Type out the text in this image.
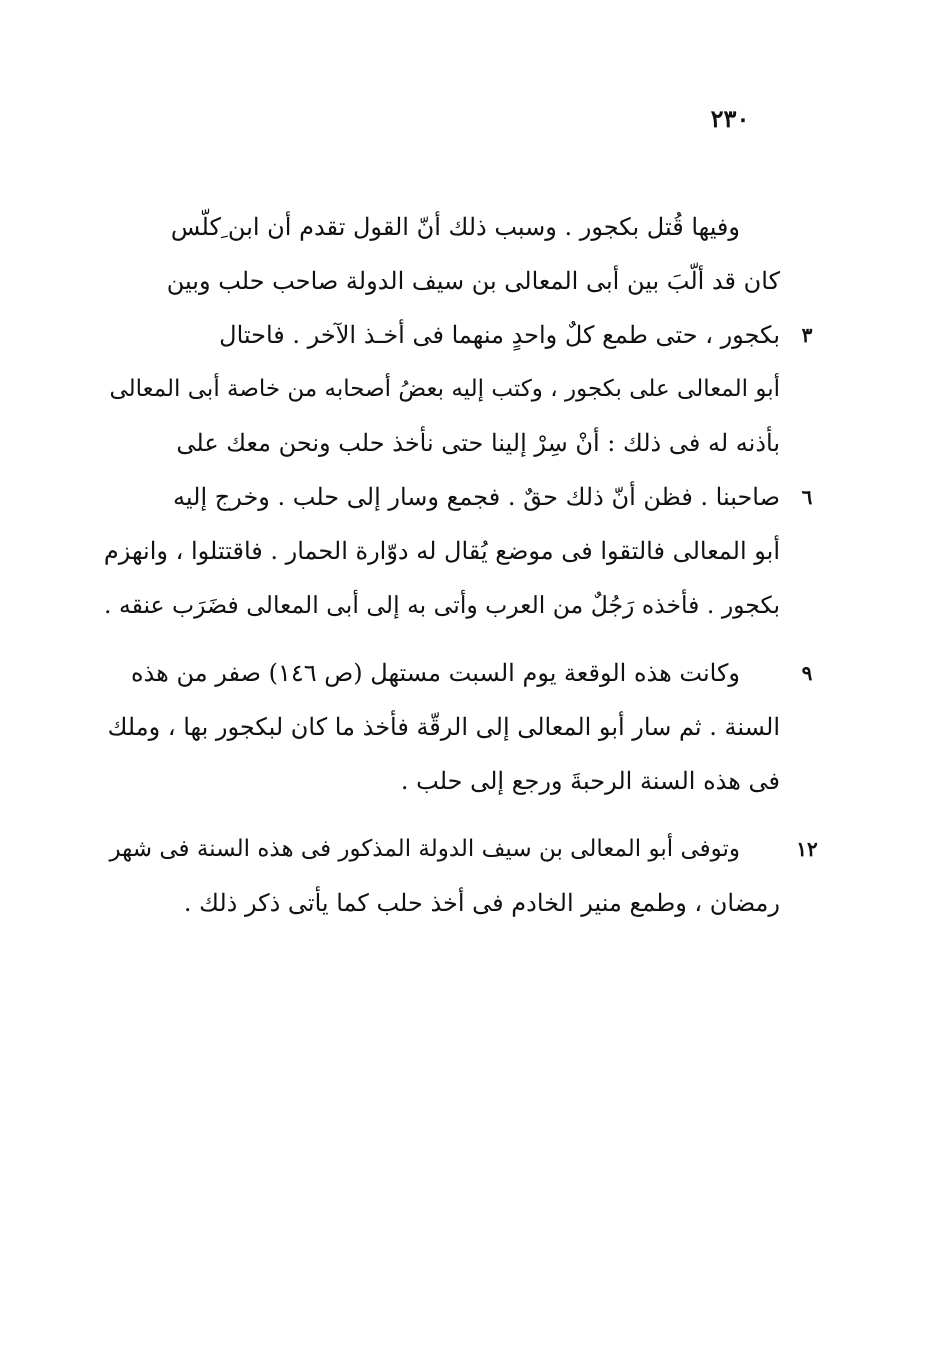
٢٣٠
وفيها قُتل بكجور . وسبب ذلك أنّ القول تقدم أن ابن ِكلّس
كان قد ألّبَ بين أبى المعالى بن سيف الدولة صاحب حلب وبين
بكجور ، حتى طمع كلٌ واحدٍ منهما فى أخـذ الآخر . فاحتال	٣
أبو المعالى على بكجور ، وكتب إليه بعضُ أصحابه من خاصة أبى المعالى
بأذنه له فى ذلك : أنْ سِرْ إلينا حتى نأخذ حلب ونحن معك على
صاحبنا . فظن أنّ ذلك حقٌ . فجمع وسار إلى حلب . وخرج إليه	٦
أبو المعالى فالتقوا فى موضع يُقال له دوّارة الحمار . فاقتتلوا ، وانهزم
بكجور . فأخذه رَجُلٌ من العرب وأتى به إلى أبى المعالى فضَرَب عنقه .
وكانت هذه الوقعة يوم السبت مستهل (ص ١٤٦) صفر من هذه	٩
السنة . ثم سار أبو المعالى إلى الرقّة فأخذ ما كان لبكجور بها ، وملك
فى هذه السنة الرحبةَ ورجع إلى حلب .
وتوفى أبو المعالى بن سيف الدولة المذكور فى هذه السنة فى شهر	١٢
رمضان ، وطمع منير الخادم فى أخذ حلب كما يأتى ذكر ذلك .
